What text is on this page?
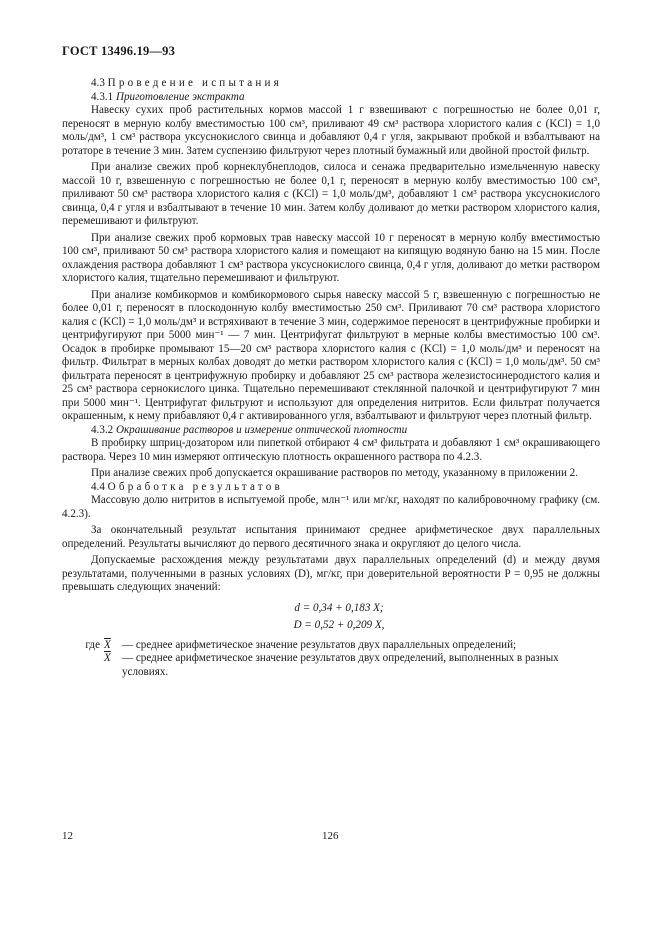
ГОСТ 13496.19—93

4.3 Проведение испытания

4.3.1 Приготовление экстракта

Навеску сухих проб растительных кормов массой 1 г взвешивают с погрешностью не более 0,01 г, переносят в мерную колбу вместимостью 100 см³, приливают 49 см³ раствора хлористого калия c (KCl) = 1,0 моль/дм³, 1 см³ раствора уксуснокислого свинца и добавляют 0,4 г угля, закрывают пробкой и взбалтывают на ротаторе в течение 3 мин. Затем суспензию фильтруют через плотный бумажный или двойной простой фильтр.

При анализе свежих проб корнеклубнеплодов, силоса и сенажа предварительно измельченную навеску массой 10 г, взвешенную с погрешностью не более 0,1 г, переносят в мерную колбу вместимостью 100 см³, приливают 50 см³ раствора хлористого калия c (KCl) = 1,0 моль/дм³, добавляют 1 см³ раствора уксуснокислого свинца, 0,4 г угля и взбалтывают в течение 10 мин. Затем колбу доливают до метки раствором хлористого калия, перемешивают и фильтруют.

При анализе свежих проб кормовых трав навеску массой 10 г переносят в мерную колбу вместимостью 100 см³, приливают 50 см³ раствора хлористого калия и помещают на кипящую водяную баню на 15 мин. После охлаждения раствора добавляют 1 см³ раствора уксуснокислого свинца, 0,4 г угля, доливают до метки раствором хлористого калия, тщательно перемешивают и фильтруют.

При анализе комбикормов и комбикормового сырья навеску массой 5 г, взвешенную с погрешностью не более 0,01 г, переносят в плоскодонную колбу вместимостью 250 см³. Приливают 70 см³ раствора хлористого калия c (KCl) = 1,0 моль/дм³ и встряхивают в течение 3 мин, содержимое переносят в центрифужные пробирки и центрифугируют при 5000 мин⁻¹ — 7 мин. Центрифугат фильтруют в мерные колбы вместимостью 100 см³. Осадок в пробирке промывают 15—20 см³ раствора хлористого калия c (KCl) = 1,0 моль/дм³ и переносят на фильтр. Фильтрат в мерных колбах доводят до метки раствором хлористого калия c (KCl) = 1,0 моль/дм³. 50 см³ фильтрата переносят в центрифужную пробирку и добавляют 25 см³ раствора железистосинеродистого калия и 25 см³ раствора сернокислого цинка. Тщательно перемешивают стеклянной палочкой и центрифугируют 7 мин при 5000 мин⁻¹. Центрифугат фильтруют и используют для определения нитритов. Если фильтрат получается окрашенным, к нему прибавляют 0,4 г активированного угля, взбалтывают и фильтруют через плотный фильтр.

4.3.2 Окрашивание растворов и измерение оптической плотности

В пробирку шприц-дозатором или пипеткой отбирают 4 см³ фильтрата и добавляют 1 см³ окрашивающего раствора. Через 10 мин измеряют оптическую плотность окрашенного раствора по 4.2.3.

При анализе свежих проб допускается окрашивание растворов по методу, указанному в приложении 2.

4.4 Обработка результатов

Массовую долю нитритов в испытуемой пробе, млн⁻¹ или мг/кг, находят по калибровочному графику (см. 4.2.3).

За окончательный результат испытания принимают среднее арифметическое двух параллельных определений. Результаты вычисляют до первого десятичного знака и округляют до целого числа.

Допускаемые расхождения между результатами двух параллельных определений (d) и между двумя результатами, полученными в разных условиях (D), мг/кг, при доверительной вероятности P = 0,95 не должны превышать следующих значений:

d = 0,34 + 0,183 X;
D = 0,52 + 0,209 X,
где $\overline{X}$	— среднее арифметическое значение результатов двух параллельных определений;
$\overline{X}$	— среднее арифметическое значение результатов двух определений, выполненных в разных условиях.
12	126
